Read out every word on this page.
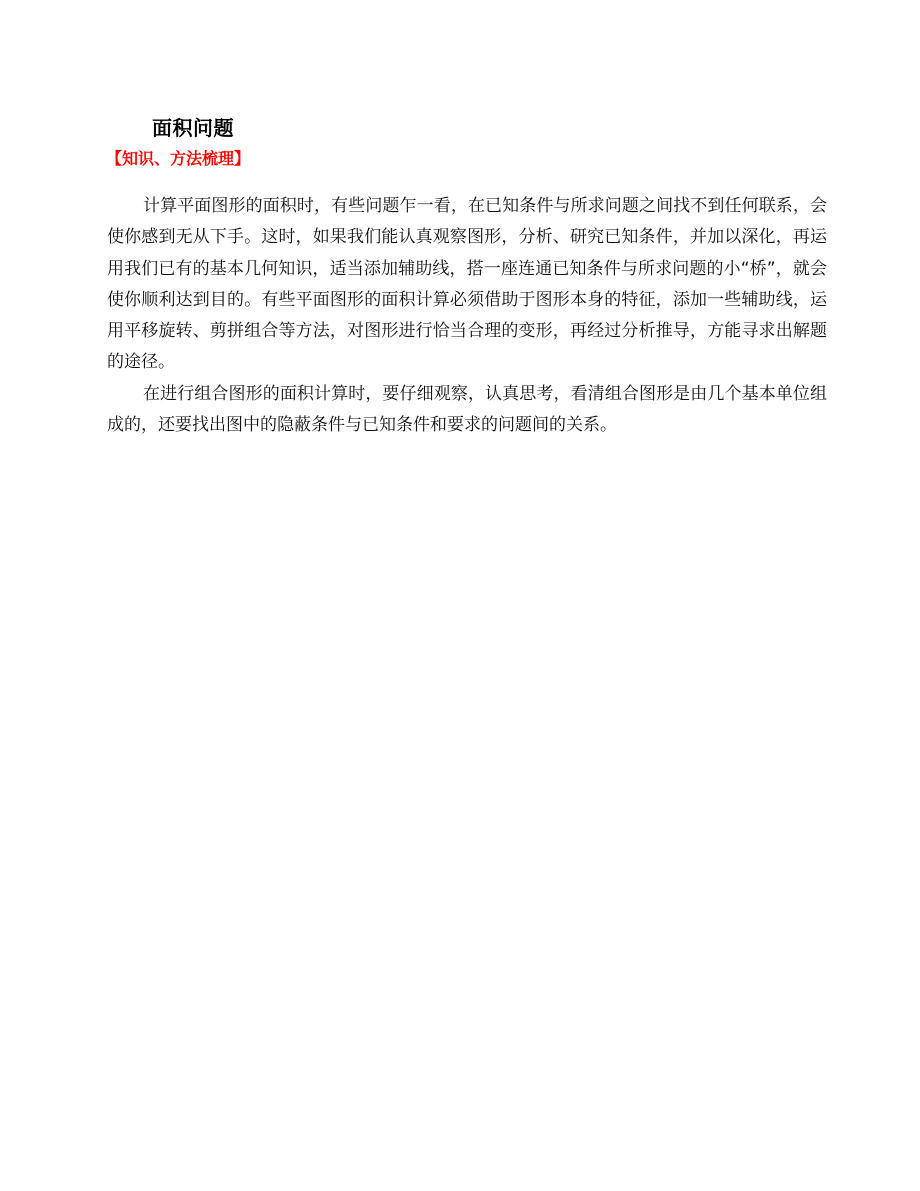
面积问题
【知识、方法梳理】

计算平面图形的面积时，有些问题乍一看，在已知条件与所求问题之间找不到任何联系，会使你感到无从下手。这时，如果我们能认真观察图形，分析、研究已知条件，并加以深化，再运用我们已有的基本几何知识，适当添加辅助线，搭一座连通已知条件与所求问题的小“桥”，就会使你顺利达到目的。有些平面图形的面积计算必须借助于图形本身的特征，添加一些辅助线，运用平移旋转、剪拼组合等方法，对图形进行恰当合理的变形，再经过分析推导，方能寻求出解题的途径。

在进行组合图形的面积计算时，要仔细观察，认真思考，看清组合图形是由几个基本单位组成的，还要找出图中的隐蔽条件与已知条件和要求的问题间的关系。
